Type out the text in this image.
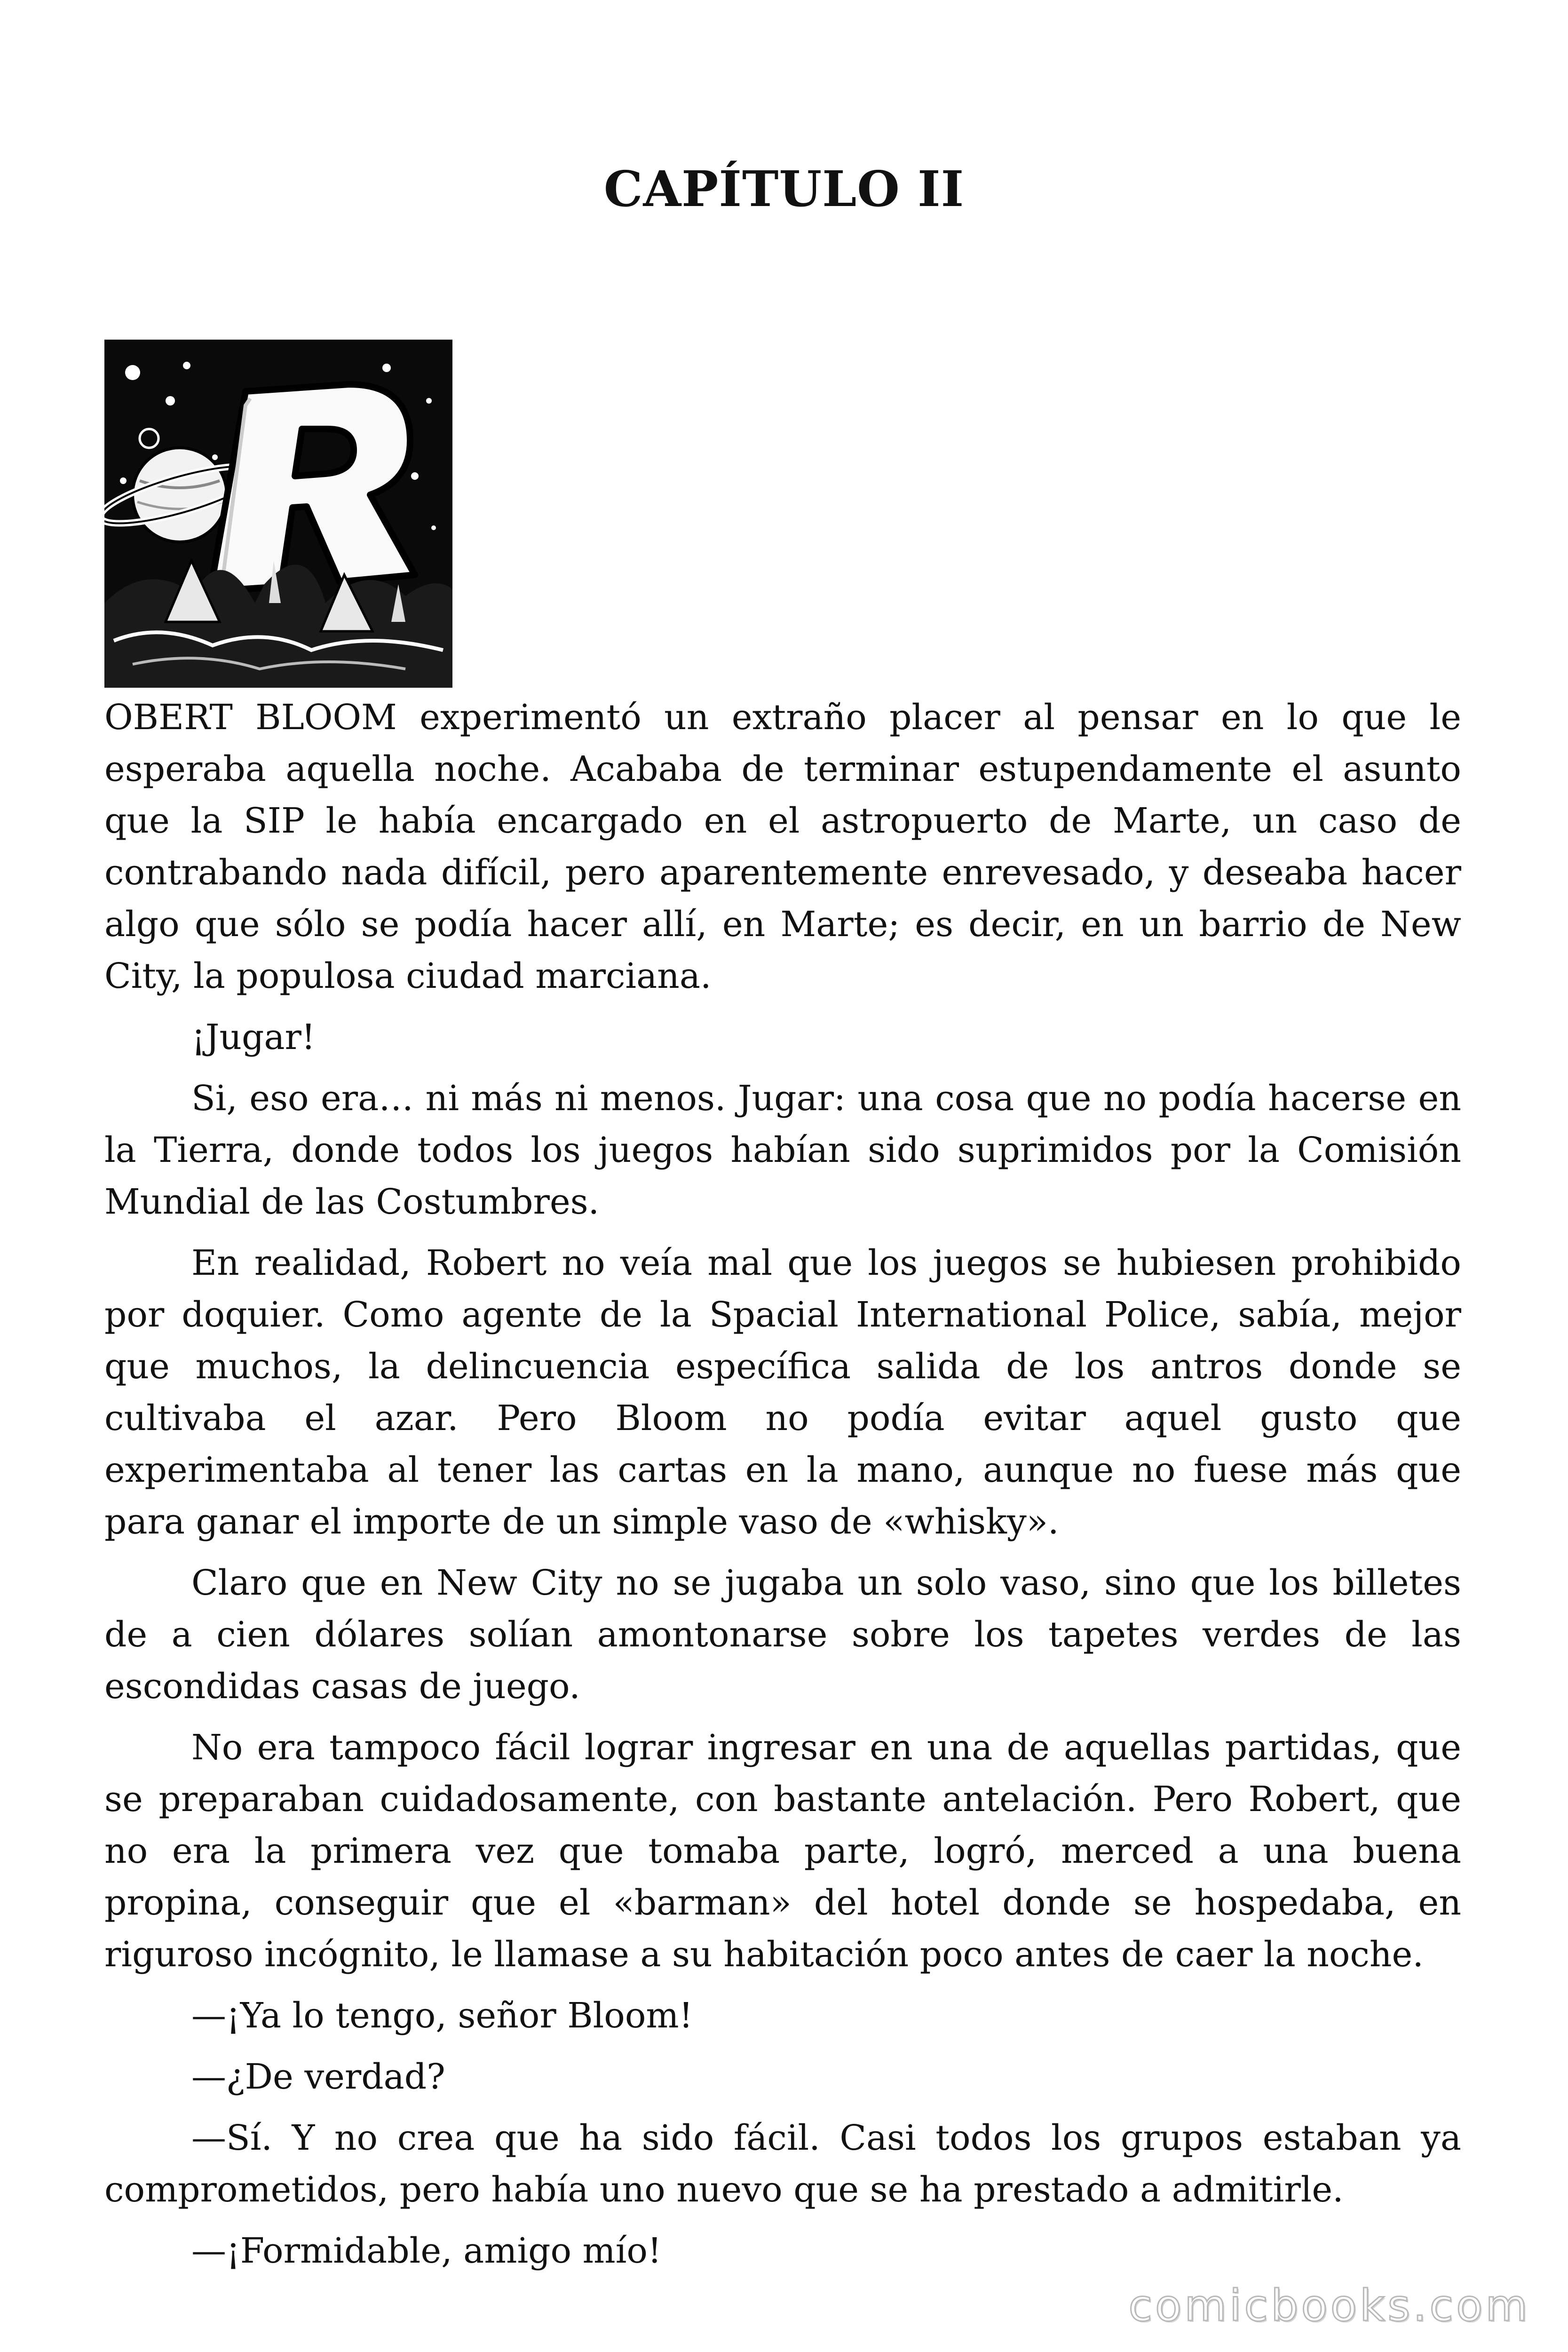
CAPÍTULO II

OBERT BLOOM experimentó un extraño placer al pensar en lo que le esperaba aquella noche. Acababa de terminar estupendamente el asunto que la SIP le había encargado en el astropuerto de Marte, un caso de contrabando nada difícil, pero aparentemente enrevesado, y deseaba hacer algo que sólo se podía hacer allí, en Marte; es decir, en un barrio de New City, la populosa ciudad marciana.

¡Jugar!

Si, eso era… ni más ni menos. Jugar: una cosa que no podía hacerse en la Tierra, donde todos los juegos habían sido suprimidos por la Comisión Mundial de las Costumbres.

En realidad, Robert no veía mal que los juegos se hubiesen prohibido por doquier. Como agente de la Spacial International Police, sabía, mejor que muchos, la delincuencia específica salida de los antros donde se cultivaba el azar. Pero Bloom no podía evitar aquel gusto que experimentaba al tener las cartas en la mano, aunque no fuese más que para ganar el importe de un simple vaso de «whisky».

Claro que en New City no se jugaba un solo vaso, sino que los billetes de a cien dólares solían amontonarse sobre los tapetes verdes de las escondidas casas de juego.

No era tampoco fácil lograr ingresar en una de aquellas partidas, que se preparaban cuidadosamente, con bastante antelación. Pero Robert, que no era la primera vez que tomaba parte, logró, merced a una buena propina, conseguir que el «barman» del hotel donde se hospedaba, en riguroso incógnito, le llamase a su habitación poco antes de caer la noche.

—¡Ya lo tengo, señor Bloom!

—¿De verdad?

—Sí. Y no crea que ha sido fácil. Casi todos los grupos estaban ya comprometidos, pero había uno nuevo que se ha prestado a admitirle.

—¡Formidable, amigo mío!

comicbooks.com
